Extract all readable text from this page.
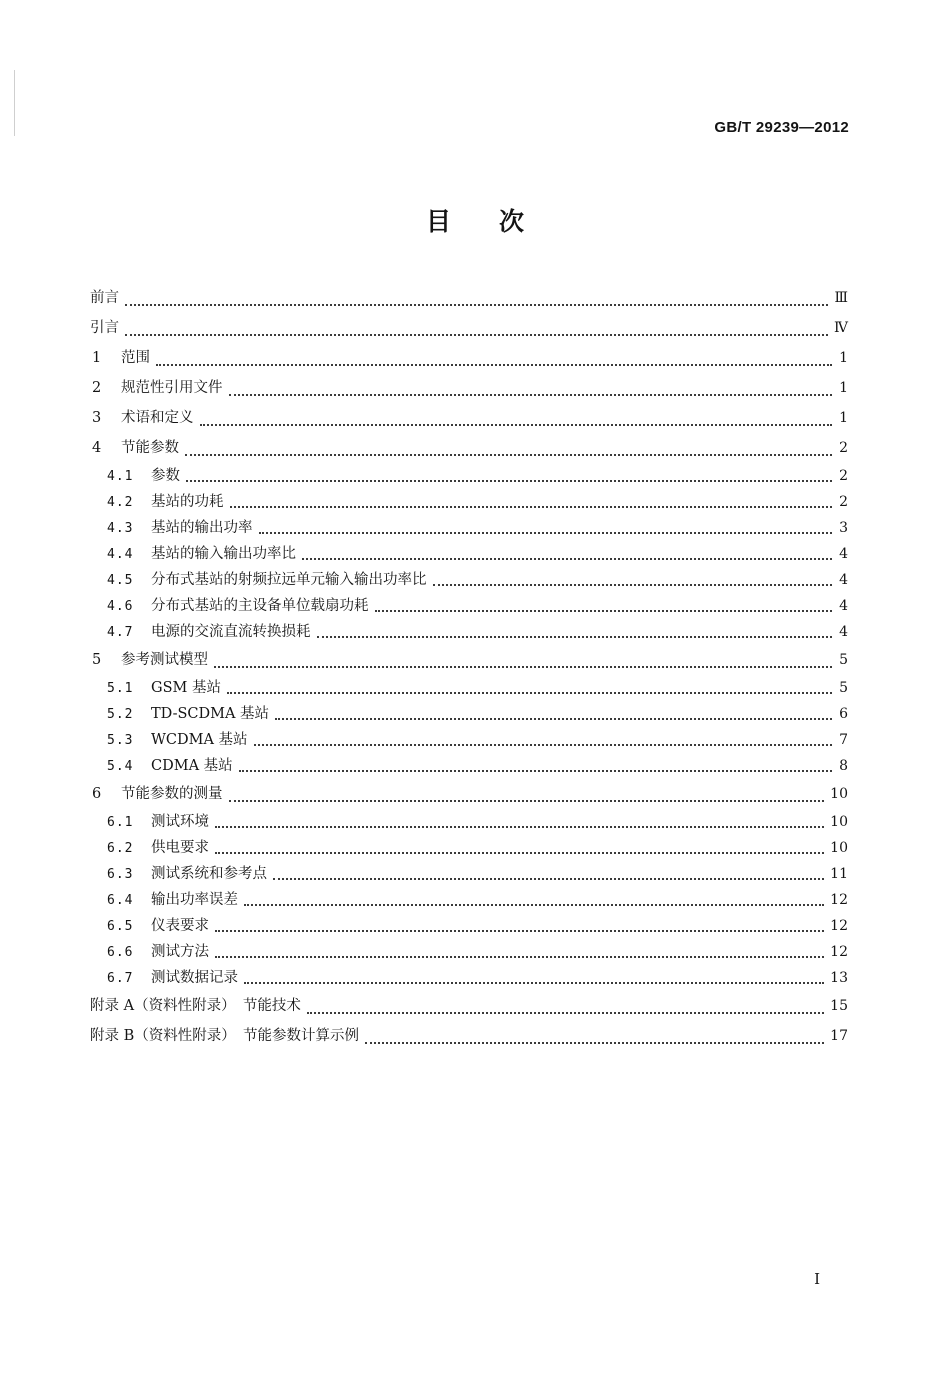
GB/T 29239—2012
目次
前言	Ⅲ
引言	Ⅳ
1	范围	1
2	规范性引用文件	1
3	术语和定义	1
4	节能参数	2
4.1	参数	2
4.2	基站的功耗	2
4.3	基站的输出功率	3
4.4	基站的输入输出功率比	4
4.5	分布式基站的射频拉远单元输入输出功率比	4
4.6	分布式基站的主设备单位载扇功耗	4
4.7	电源的交流直流转换损耗	4
5	参考测试模型	5
5.1	GSM 基站	5
5.2	TD-SCDMA 基站	6
5.3	WCDMA 基站	7
5.4	CDMA 基站	8
6	节能参数的测量	10
6.1	测试环境	10
6.2	供电要求	10
6.3	测试系统和参考点	11
6.4	输出功率误差	12
6.5	仪表要求	12
6.6	测试方法	12
6.7	测试数据记录	13
附录 A（资料性附录）　节能技术	15
附录 B（资料性附录）　节能参数计算示例	17
I
